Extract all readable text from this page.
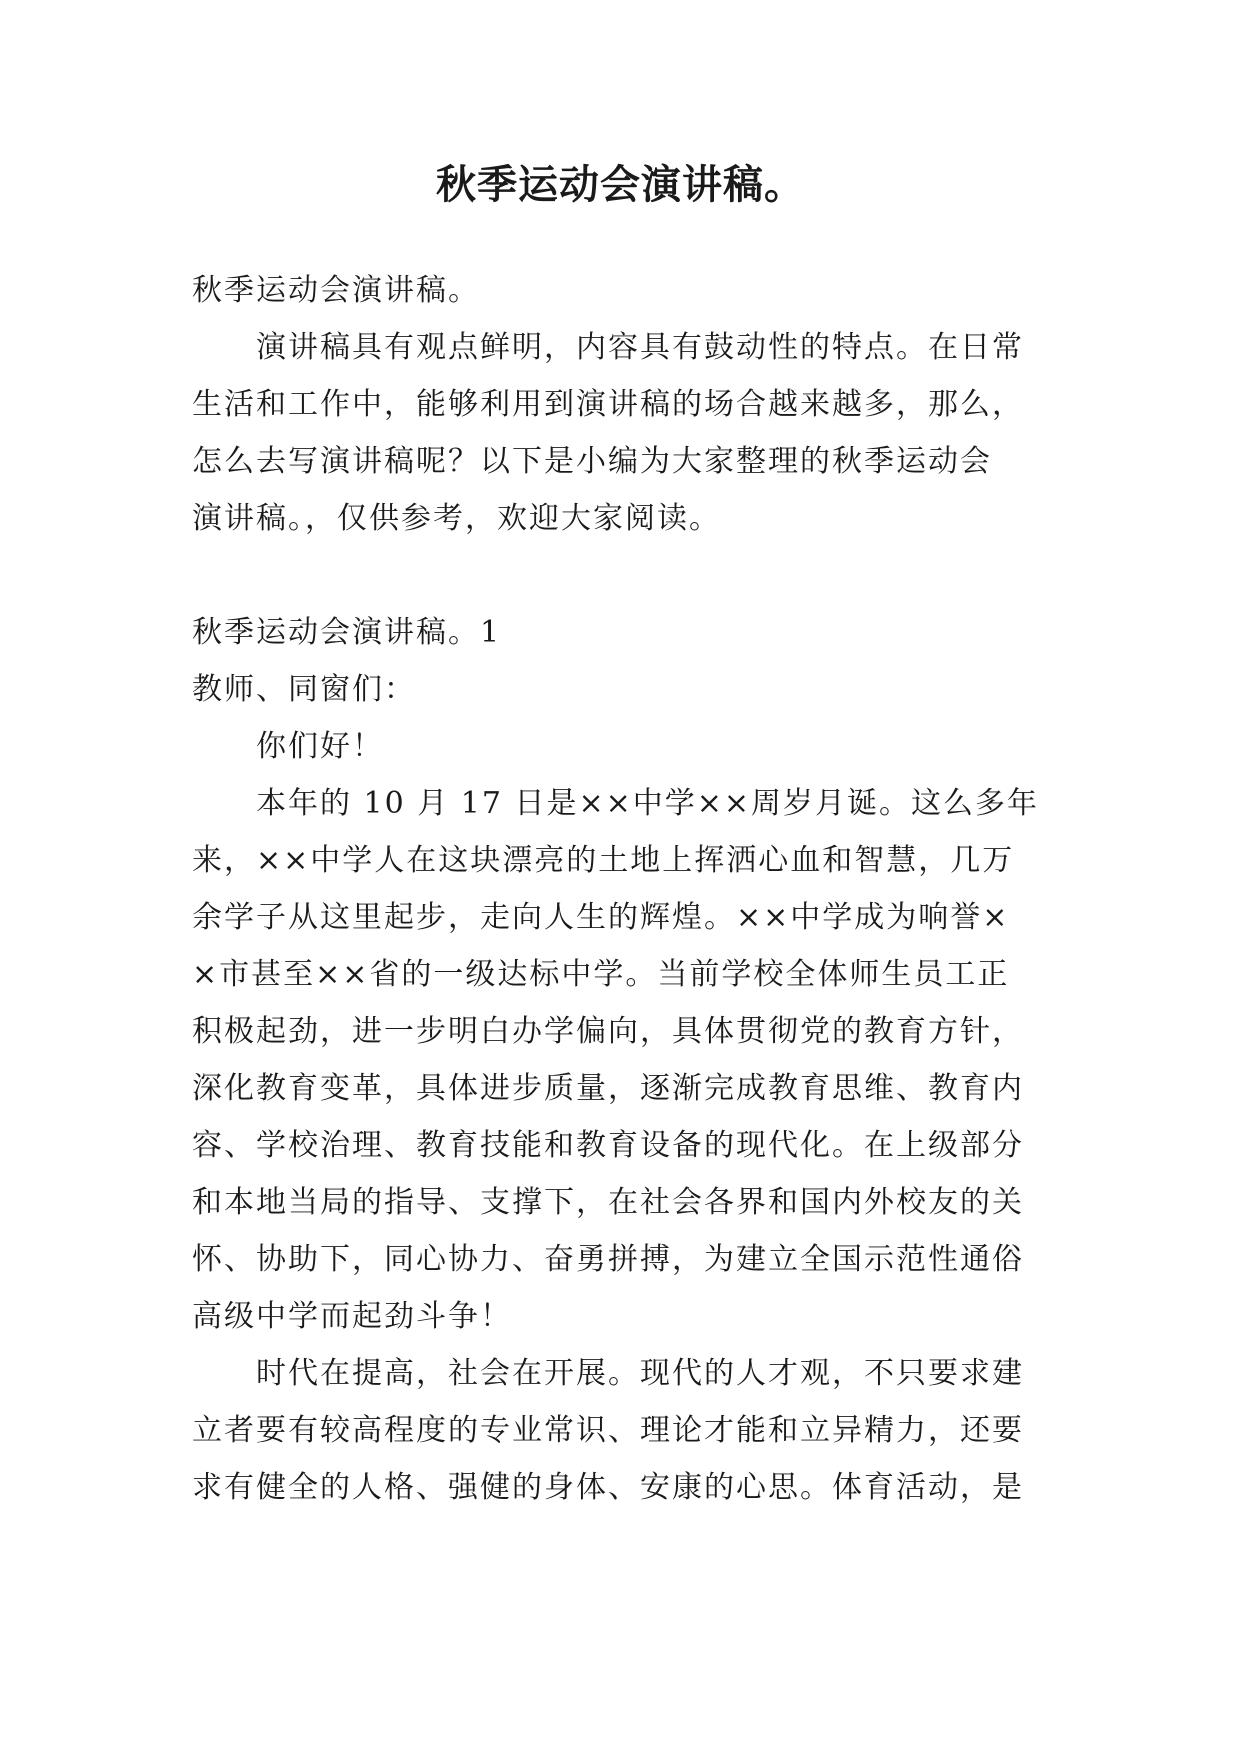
秋季运动会演讲稿。

秋季运动会演讲稿。

演讲稿具有观点鲜明，内容具有鼓动性的特点。在日常

生活和工作中，能够利用到演讲稿的场合越来越多，那么，

怎么去写演讲稿呢？以下是小编为大家整理的秋季运动会

演讲稿。，仅供参考，欢迎大家阅读。

秋季运动会演讲稿。1

教师、同窗们：

你们好！

本年的 10 月 17 日是××中学××周岁月诞。这么多年

来，××中学人在这块漂亮的土地上挥洒心血和智慧，几万

余学子从这里起步，走向人生的辉煌。××中学成为响誉×

×市甚至××省的一级达标中学。当前学校全体师生员工正

积极起劲，进一步明白办学偏向，具体贯彻党的教育方针，

深化教育变革，具体进步质量，逐渐完成教育思维、教育内

容、学校治理、教育技能和教育设备的现代化。在上级部分

和本地当局的指导、支撑下，在社会各界和国内外校友的关

怀、协助下，同心协力、奋勇拼搏，为建立全国示范性通俗

高级中学而起劲斗争！

时代在提高，社会在开展。现代的人才观，不只要求建

立者要有较高程度的专业常识、理论才能和立异精力，还要

求有健全的人格、强健的身体、安康的心思。体育活动，是
